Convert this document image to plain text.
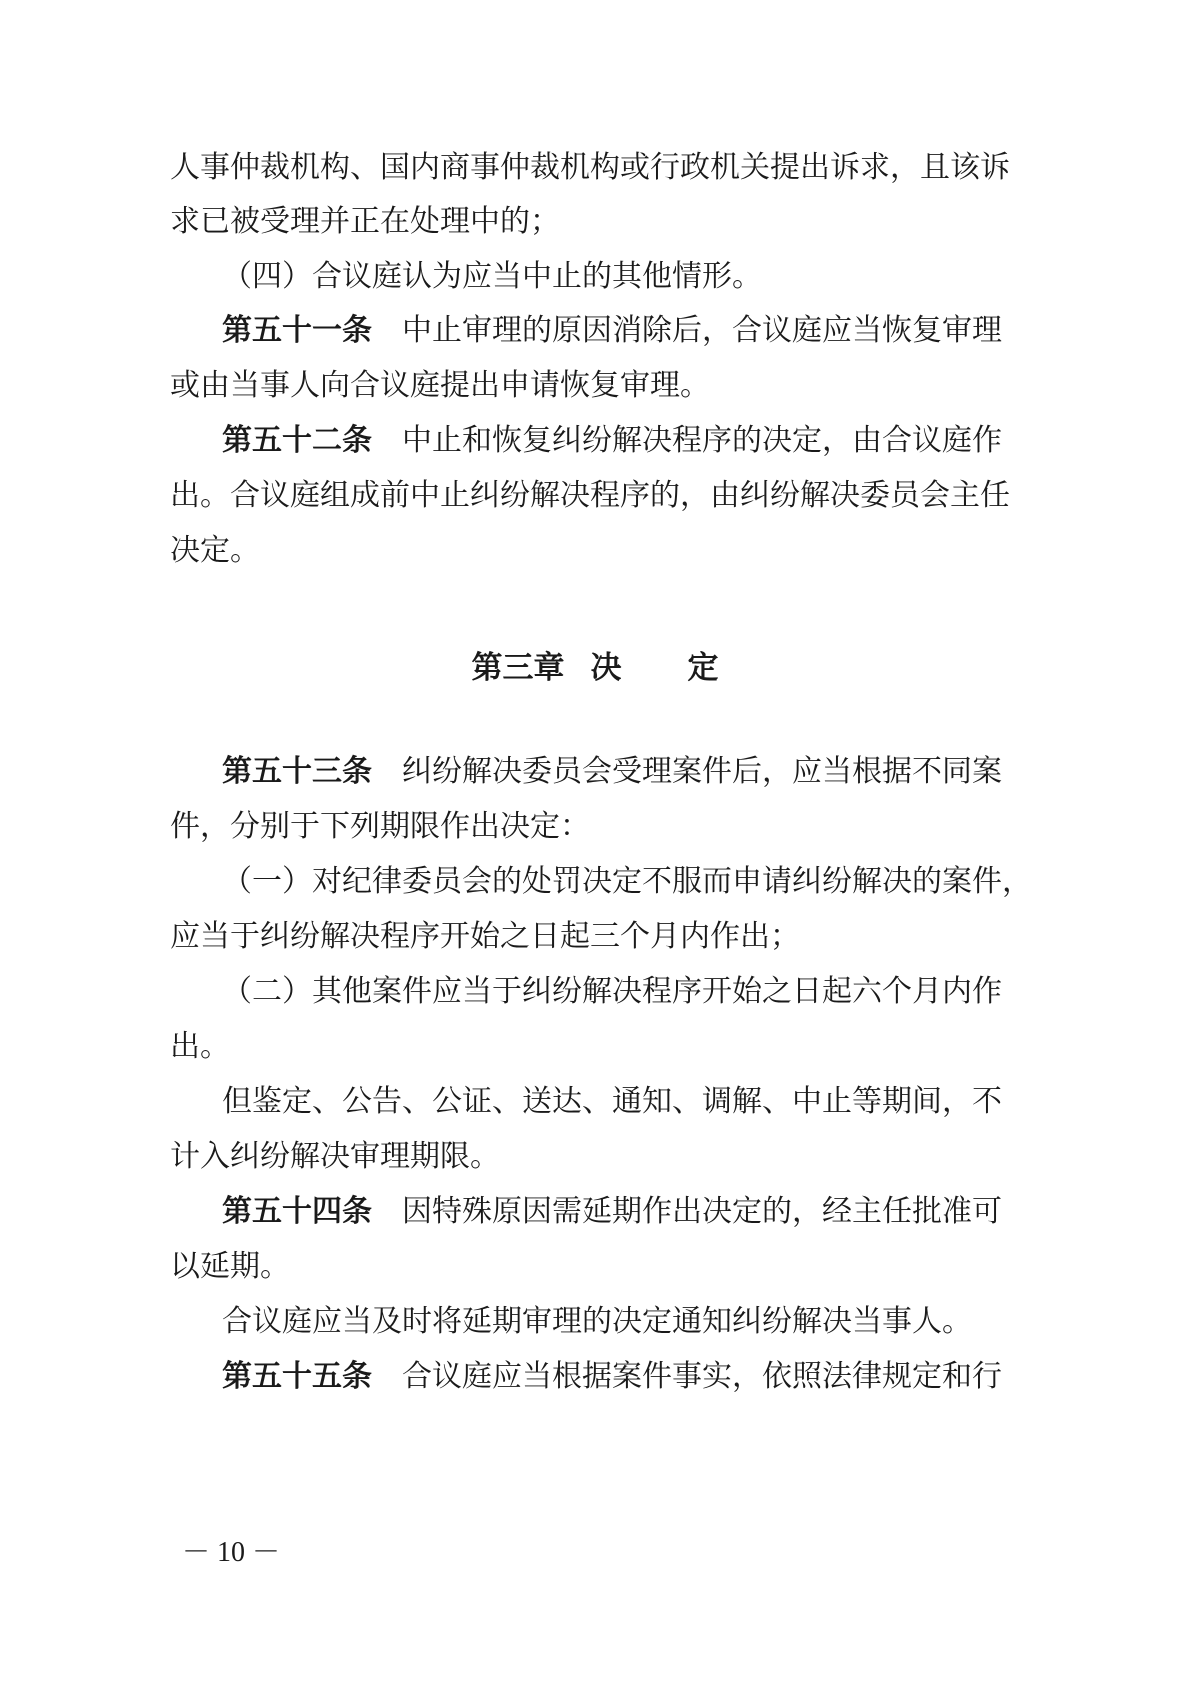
人事仲裁机构、国内商事仲裁机构或行政机关提出诉求，且该诉
求已被受理并正在处理中的；
（四）合议庭认为应当中止的其他情形。
第五十一条 中止审理的原因消除后，合议庭应当恢复审理
或由当事人向合议庭提出申请恢复审理。
第五十二条 中止和恢复纠纷解决程序的决定，由合议庭作
出。合议庭组成前中止纠纷解决程序的，由纠纷解决委员会主任
决定。
第三章 决 定
第五十三条 纠纷解决委员会受理案件后，应当根据不同案
件，分别于下列期限作出决定：
（一）对纪律委员会的处罚决定不服而申请纠纷解决的案件，
应当于纠纷解决程序开始之日起三个月内作出；
（二）其他案件应当于纠纷解决程序开始之日起六个月内作
出。
但鉴定、公告、公证、送达、通知、调解、中止等期间，不
计入纠纷解决审理期限。
第五十四条 因特殊原因需延期作出决定的，经主任批准可
以延期。
合议庭应当及时将延期审理的决定通知纠纷解决当事人。
第五十五条 合议庭应当根据案件事实，依照法律规定和行
－ 10 －
